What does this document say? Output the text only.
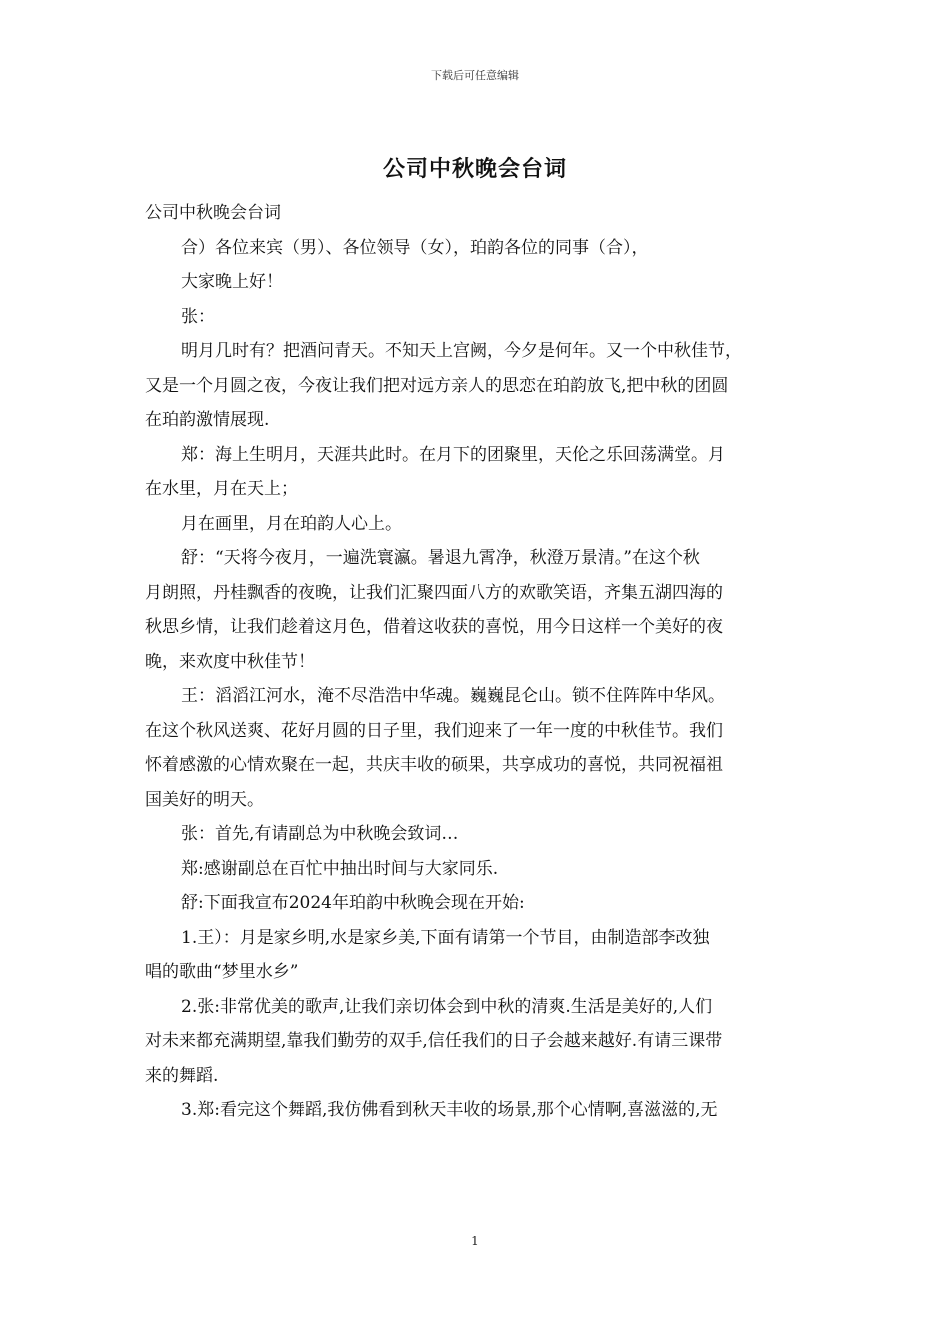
下载后可任意编辑
公司中秋晚会台词

公司中秋晚会台词

合）各位来宾（男）、各位领导（女），珀韵各位的同事（合），

大家晚上好！

张：

明月几时有？把酒问青天。不知天上宫阙，今夕是何年。又一个中秋佳节，

又是一个月圆之夜，今夜让我们把对远方亲人的思恋在珀韵放飞,把中秋的团圆

在珀韵激情展现.

郑：海上生明月，天涯共此时。在月下的团聚里，天伦之乐回荡满堂。月

在水里，月在天上；

月在画里，月在珀韵人心上。

舒：“天将今夜月，一遍洗寰瀛。暑退九霄净，秋澄万景清。”在这个秋

月朗照，丹桂飘香的夜晚，让我们汇聚四面八方的欢歌笑语，齐集五湖四海的

秋思乡情，让我们趁着这月色，借着这收获的喜悦，用今日这样一个美好的夜

晚，来欢度中秋佳节！

王：滔滔江河水，淹不尽浩浩中华魂。巍巍昆仑山。锁不住阵阵中华风。

在这个秋风送爽、花好月圆的日子里，我们迎来了一年一度的中秋佳节。我们

怀着感激的心情欢聚在一起，共庆丰收的硕果，共享成功的喜悦，共同祝福祖

国美好的明天。

张：首先,有请副总为中秋晚会致词…

郑:感谢副总在百忙中抽出时间与大家同乐.

舒:下面我宣布2024年珀韵中秋晚会现在开始:

1.王）：月是家乡明,水是家乡美,下面有请第一个节目，由制造部李改独

唱的歌曲“梦里水乡”

2.张:非常优美的歌声,让我们亲切体会到中秋的清爽.生活是美好的,人们

对未来都充满期望,靠我们勤劳的双手,信任我们的日子会越来越好.有请三课带

来的舞蹈.

3.郑:看完这个舞蹈,我仿佛看到秋天丰收的场景,那个心情啊,喜滋滋的,无

1
